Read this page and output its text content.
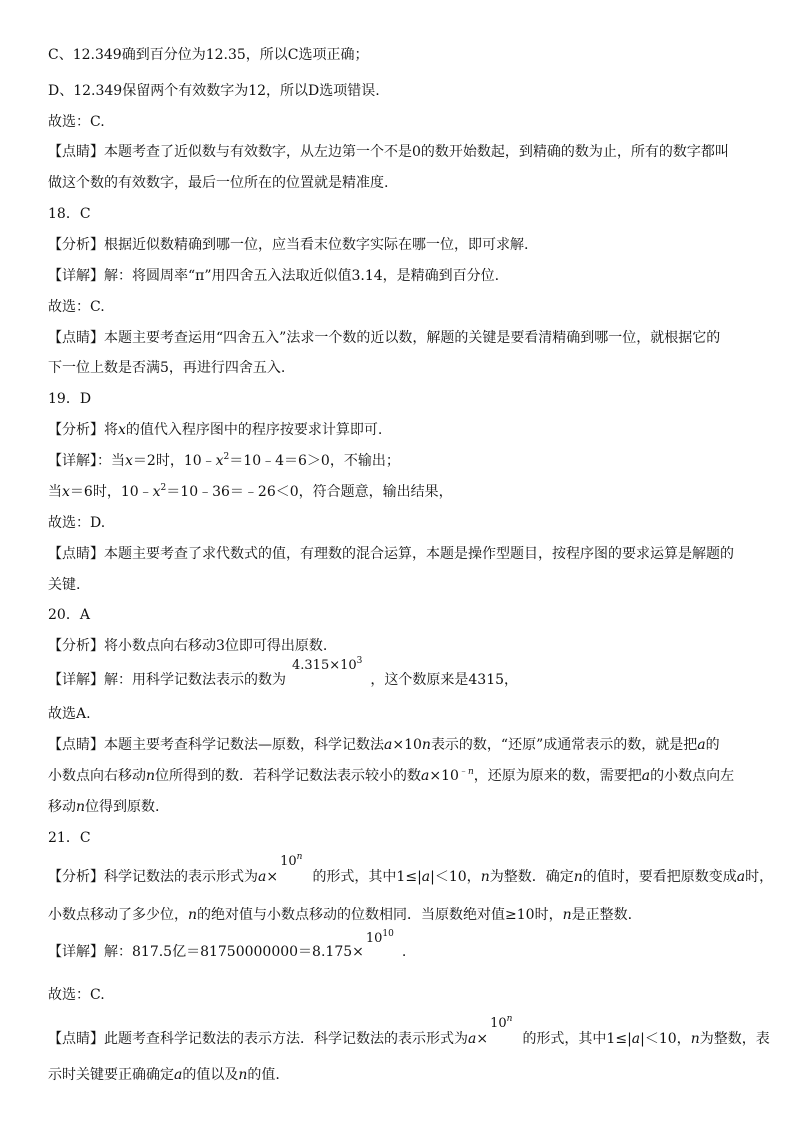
C、12.349确到百分位为12.35，所以C选项正确；
D、12.349保留两个有效数字为12，所以D选项错误.
故选：C.
【点睛】本题考查了近似数与有效数字，从左边第一个不是0的数开始数起，到精确的数为止，所有的数字都叫
做这个数的有效数字，最后一位所在的位置就是精准度.
18．C
【分析】根据近似数精确到哪一位，应当看末位数字实际在哪一位，即可求解.
【详解】解：将圆周率“π”用四舍五入法取近似值3.14，是精确到百分位.
故选：C.
【点睛】本题主要考查运用“四舍五入”法求一个数的近以数，解题的关键是要看清精确到哪一位，就根据它的
下一位上数是否满5，再进行四舍五入.
19．D
【分析】将x的值代入程序图中的程序按要求计算即可.
【详解】：当x＝2时，$10﹣x^2=10﹣4=6>0$，不输出；
当x＝6时，$10﹣x^2=10﹣36=﹣26<0$，符合题意，输出结果，
故选：D.
【点睛】本题主要考查了求代数式的值，有理数的混合运算，本题是操作型题目，按程序图的要求运算是解题的
关键.
20．A
【分析】将小数点向右移动3位即可得出原数.
【详解】解：用科学记数法表示的数为$4.315\times 10^3$，这个数原来是4315，
故选A.
【点睛】本题主要考查科学记数法—原数，科学记数法a×10n表示的数，“还原”成通常表示的数，就是把a的
小数点向右移动n位所得到的数．若科学记数法表示较小的数$a\times 10^{﹣n}$，还原为原来的数，需要把a的小数点向左
移动n位得到原数.
21．C
【分析】科学记数法的表示形式为$a\times 10^n$的形式，其中1≤|a|＜10，n为整数．确定n的值时，要看把原数变成a时，
小数点移动了多少位，n的绝对值与小数点移动的位数相同．当原数绝对值≥10时，n是正整数.
【详解】解：817.5亿$=81750000000=8.175\times 10^{10}$.
故选：C.
【点睛】此题考查科学记数法的表示方法．科学记数法的表示形式为$a\times 10^n$的形式，其中1≤|a|＜10，n为整数，表
示时关键要正确确定a的值以及n的值.
